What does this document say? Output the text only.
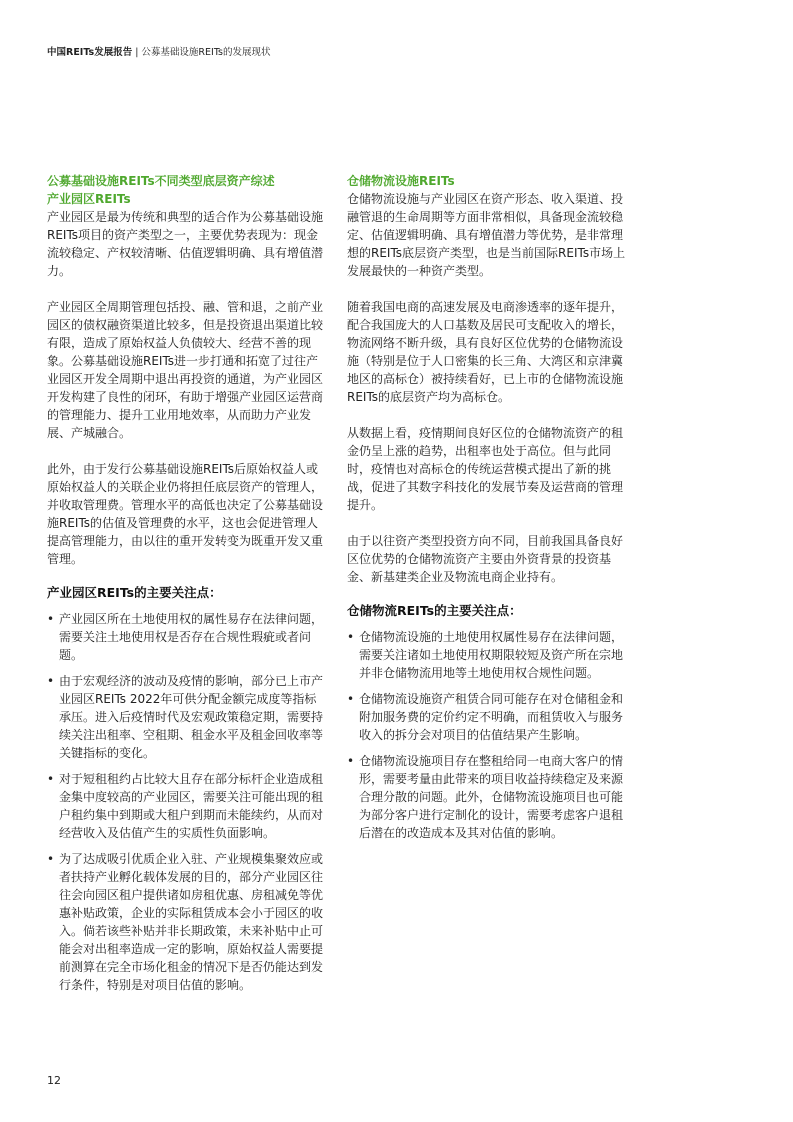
中国REITs发展报告 | 公募基础设施REITs的发展现状
公募基础设施REITs不同类型底层资产综述
产业园区REITs

产业园区是最为传统和典型的适合作为公募基础设施REITs项目的资产类型之一，主要优势表现为：现金流较稳定、产权较清晰、估值逻辑明确、具有增值潜力。

产业园区全周期管理包括投、融、管和退，之前产业园区的债权融资渠道比较多，但是投资退出渠道比较有限，造成了原始权益人负债较大、经营不善的现象。公募基础设施REITs进一步打通和拓宽了过往产业园区开发全周期中退出再投资的通道，为产业园区开发构建了良性的闭环，有助于增强产业园区运营商的管理能力、提升工业用地效率，从而助力产业发展、产城融合。

此外，由于发行公募基础设施REITs后原始权益人或原始权益人的关联企业仍将担任底层资产的管理人，并收取管理费。管理水平的高低也决定了公募基础设施REITs的估值及管理费的水平，这也会促进管理人提高管理能力，由以往的重开发转变为既重开发又重管理。

产业园区REITs的主要关注点：
• 产业园区所在土地使用权的属性易存在法律问题，需要关注土地使用权是否存在合规性瑕疵或者问题。
• 由于宏观经济的波动及疫情的影响，部分已上市产业园区REITs 2022年可供分配金额完成度等指标承压。进入后疫情时代及宏观政策稳定期，需要持续关注出租率、空租期、租金水平及租金回收率等关键指标的变化。
• 对于短租租约占比较大且存在部分标杆企业造成租金集中度较高的产业园区，需要关注可能出现的租户租约集中到期或大租户到期而未能续约，从而对经营收入及估值产生的实质性负面影响。
• 为了达成吸引优质企业入驻、产业规模集聚效应或者扶持产业孵化载体发展的目的，部分产业园区往往会向园区租户提供诸如房租优惠、房租减免等优惠补贴政策，企业的实际租赁成本会小于园区的收入。倘若该些补贴并非长期政策，未来补贴中止可能会对出租率造成一定的影响，原始权益人需要提前测算在完全市场化租金的情况下是否仍能达到发行条件，特别是对项目估值的影响。
仓储物流设施REITs

仓储物流设施与产业园区在资产形态、收入渠道、投融管退的生命周期等方面非常相似，具备现金流较稳定、估值逻辑明确、具有增值潜力等优势，是非常理想的REITs底层资产类型，也是当前国际REITs市场上发展最快的一种资产类型。

随着我国电商的高速发展及电商渗透率的逐年提升，配合我国庞大的人口基数及居民可支配收入的增长，物流网络不断升级，具有良好区位优势的仓储物流设施（特别是位于人口密集的长三角、大湾区和京津冀地区的高标仓）被持续看好，已上市的仓储物流设施REITs的底层资产均为高标仓。

从数据上看，疫情期间良好区位的仓储物流资产的租金仍呈上涨的趋势，出租率也处于高位。但与此同时，疫情也对高标仓的传统运营模式提出了新的挑战，促进了其数字科技化的发展节奏及运营商的管理提升。

由于以往资产类型投资方向不同，目前我国具备良好区位优势的仓储物流资产主要由外资背景的投资基金、新基建类企业及物流电商企业持有。

仓储物流REITs的主要关注点：
• 仓储物流设施的土地使用权属性易存在法律问题，需要关注诸如土地使用权期限较短及资产所在宗地并非仓储物流用地等土地使用权合规性问题。
• 仓储物流设施资产租赁合同可能存在对仓储租金和附加服务费的定价约定不明确，而租赁收入与服务收入的拆分会对项目的估值结果产生影响。
• 仓储物流设施项目存在整租给同一电商大客户的情形，需要考量由此带来的项目收益持续稳定及来源合理分散的问题。此外，仓储物流设施项目也可能为部分客户进行定制化的设计，需要考虑客户退租后潜在的改造成本及其对估值的影响。
12
